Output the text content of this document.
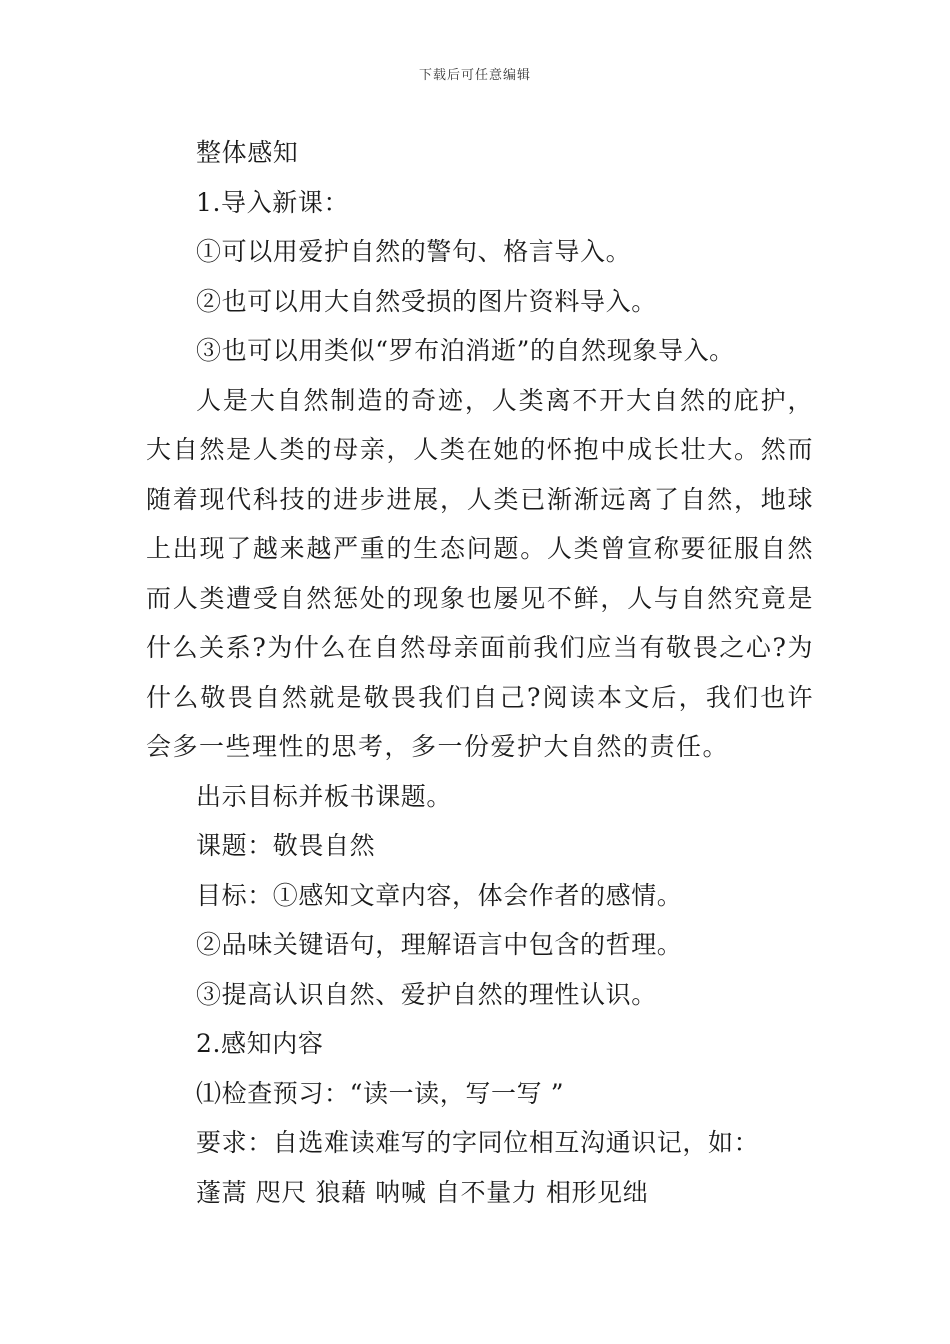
下载后可任意编辑
整体感知
1.导入新课：
①可以用爱护自然的警句、格言导入。
②也可以用大自然受损的图片资料导入。
③也可以用类似“罗布泊消逝”的自然现象导入。

人是大自然制造的奇迹，人类离不开大自然的庇护，大自然是人类的母亲，人类在她的怀抱中成长壮大。然而随着现代科技的进步进展，人类已渐渐远离了自然，地球上出现了越来越严重的生态问题。人类曾宣称要征服自然而人类遭受自然惩处的现象也屡见不鲜，人与自然究竟是什么关系?为什么在自然母亲面前我们应当有敬畏之心?为什么敬畏自然就是敬畏我们自己?阅读本文后，我们也许会多一些理性的思考，多一份爱护大自然的责任。

出示目标并板书课题。
课题：敬畏自然
目标：①感知文章内容，体会作者的感情。
②品味关键语句，理解语言中包含的哲理。
③提高认识自然、爱护自然的理性认识。
2.感知内容
⑴检查预习：“读一读，写一写 ”
要求：自选难读难写的字同位相互沟通识记，如：
蓬蒿 咫尺 狼藉 呐喊 自不量力 相形见绌
